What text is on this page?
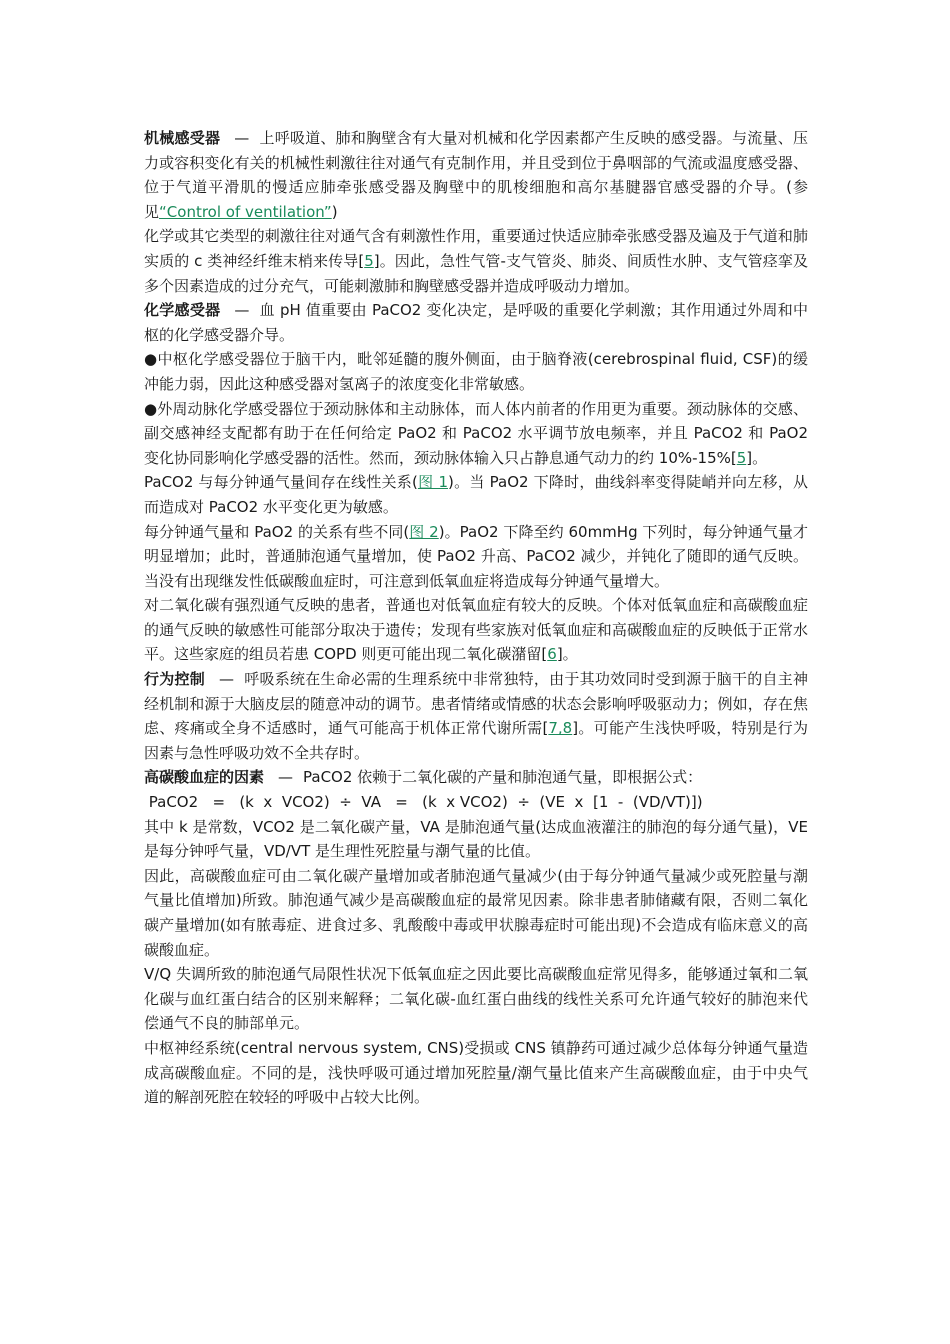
机械感受器 — 上呼吸道、肺和胸壁含有大量对机械和化学因素都产生反映的感受器。与流量、压力或容积变化有关的机械性刺激往往对通气有克制作用，并且受到位于鼻咽部的气流或温度感受器、位于气道平滑肌的慢适应肺牵张感受器及胸壁中的肌梭细胞和高尔基腱器官感受器的介导。(参见“Control of ventilation”)

化学或其它类型的刺激往往对通气含有刺激性作用，重要通过快适应肺牵张感受器及遍及于气道和肺实质的 c 类神经纤维末梢来传导[5]。因此，急性气管-支气管炎、肺炎、间质性水肿、支气管痉挛及多个因素造成的过分充气，可能刺激肺和胸壁感受器并造成呼吸动力增加。

化学感受器 — 血 pH 值重要由 PaCO2 变化决定，是呼吸的重要化学刺激；其作用通过外周和中枢的化学感受器介导。

●中枢化学感受器位于脑干内，毗邻延髓的腹外侧面，由于脑脊液(cerebrospinal fluid, CSF)的缓冲能力弱，因此这种感受器对氢离子的浓度变化非常敏感。

●外周动脉化学感受器位于颈动脉体和主动脉体，而人体内前者的作用更为重要。颈动脉体的交感、副交感神经支配都有助于在任何给定 PaO2 和 PaCO2 水平调节放电频率，并且 PaCO2 和 PaO2 变化协同影响化学感受器的活性。然而，颈动脉体输入只占静息通气动力的约 10%-15%[5]。

PaCO2 与每分钟通气量间存在线性关系(图 1)。当 PaO2 下降时，曲线斜率变得陡峭并向左移，从而造成对 PaCO2 水平变化更为敏感。

每分钟通气量和 PaO2 的关系有些不同(图 2)。PaO2 下降至约 60mmHg 下列时，每分钟通气量才明显增加；此时，普通肺泡通气量增加，使 PaO2 升高、PaCO2 减少，并钝化了随即的通气反映。当没有出现继发性低碳酸血症时，可注意到低氧血症将造成每分钟通气量增大。

对二氧化碳有强烈通气反映的患者，普通也对低氧血症有较大的反映。个体对低氧血症和高碳酸血症的通气反映的敏感性可能部分取决于遗传；发现有些家族对低氧血症和高碳酸血症的反映低于正常水平。这些家庭的组员若患 COPD 则更可能出现二氧化碳潴留[6]。

行为控制 — 呼吸系统在生命必需的生理系统中非常独特，由于其功效同时受到源于脑干的自主神经机制和源于大脑皮层的随意冲动的调节。患者情绪或情感的状态会影响呼吸驱动力；例如，存在焦虑、疼痛或全身不适感时，通气可能高于机体正常代谢所需[7,8]。可能产生浅快呼吸，特别是行为因素与急性呼吸功效不全共存时。

高碳酸血症的因素 — PaCO2 依赖于二氧化碳的产量和肺泡通气量，即根据公式：

PaCO2   =   (k  x  VCO2)  ÷  VA   =   (k  x VCO2)  ÷  (VE  x  [1  -  (VD/VT)])

其中 k 是常数，VCO2 是二氧化碳产量，VA 是肺泡通气量(达成血液灌注的肺泡的每分通气量)，VE 是每分钟呼气量，VD/VT 是生理性死腔量与潮气量的比值。

因此，高碳酸血症可由二氧化碳产量增加或者肺泡通气量减少(由于每分钟通气量减少或死腔量与潮气量比值增加)所致。肺泡通气减少是高碳酸血症的最常见因素。除非患者肺储藏有限，否则二氧化碳产量增加(如有脓毒症、进食过多、乳酸酸中毒或甲状腺毒症时可能出现)不会造成有临床意义的高碳酸血症。

V/Q 失调所致的肺泡通气局限性状况下低氧血症之因此要比高碳酸血症常见得多，能够通过氧和二氧化碳与血红蛋白结合的区别来解释；二氧化碳-血红蛋白曲线的线性关系可允许通气较好的肺泡来代偿通气不良的肺部单元。

中枢神经系统(central nervous system, CNS)受损或 CNS 镇静药可通过减少总体每分钟通气量造成高碳酸血症。不同的是，浅快呼吸可通过增加死腔量/潮气量比值来产生高碳酸血症，由于中央气道的解剖死腔在较轻的呼吸中占较大比例。
